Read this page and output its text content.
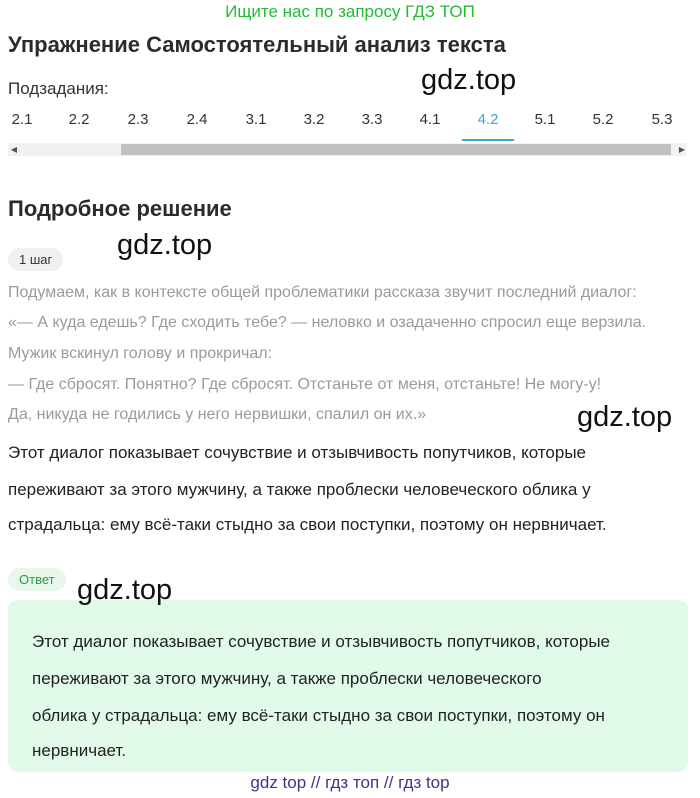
Ищите нас по запросу ГДЗ ТОП
Упражнение Самостоятельный анализ текста
Подзадания:
2.1	2.2	2.3	2.4	3.1	3.2	3.3	4.1	4.2	5.1	5.2	5.3
◀	▶
Подробное решение
1 шаг
Подумаем, как в контексте общей проблематики рассказа звучит последний диалог:
«— А куда едешь? Где сходить тебе? — неловко и озадаченно спросил еще верзила.
Мужик вскинул голову и прокричал:
— Где сбросят. Понятно? Где сбросят. Отстаньте от меня, отстаньте! Не могу-у!
Да, никуда не годились у него нервишки, спалил он их.»
Этот диалог показывает сочувствие и отзывчивость попутчиков, которые
переживают за этого мужчину, а также проблески человеческого облика у
страдальца: ему всё-таки стыдно за свои поступки, поэтому он нервничает.
Ответ
Этот диалог показывает сочувствие и отзывчивость попутчиков, которые
переживают за этого мужчину, а также проблески человеческого
облика у страдальца: ему всё-таки стыдно за свои поступки, поэтому он
нервничает.
gdz.top
gdz.top
gdz.top
gdz.top
gdz top // гдз топ // гдз top
